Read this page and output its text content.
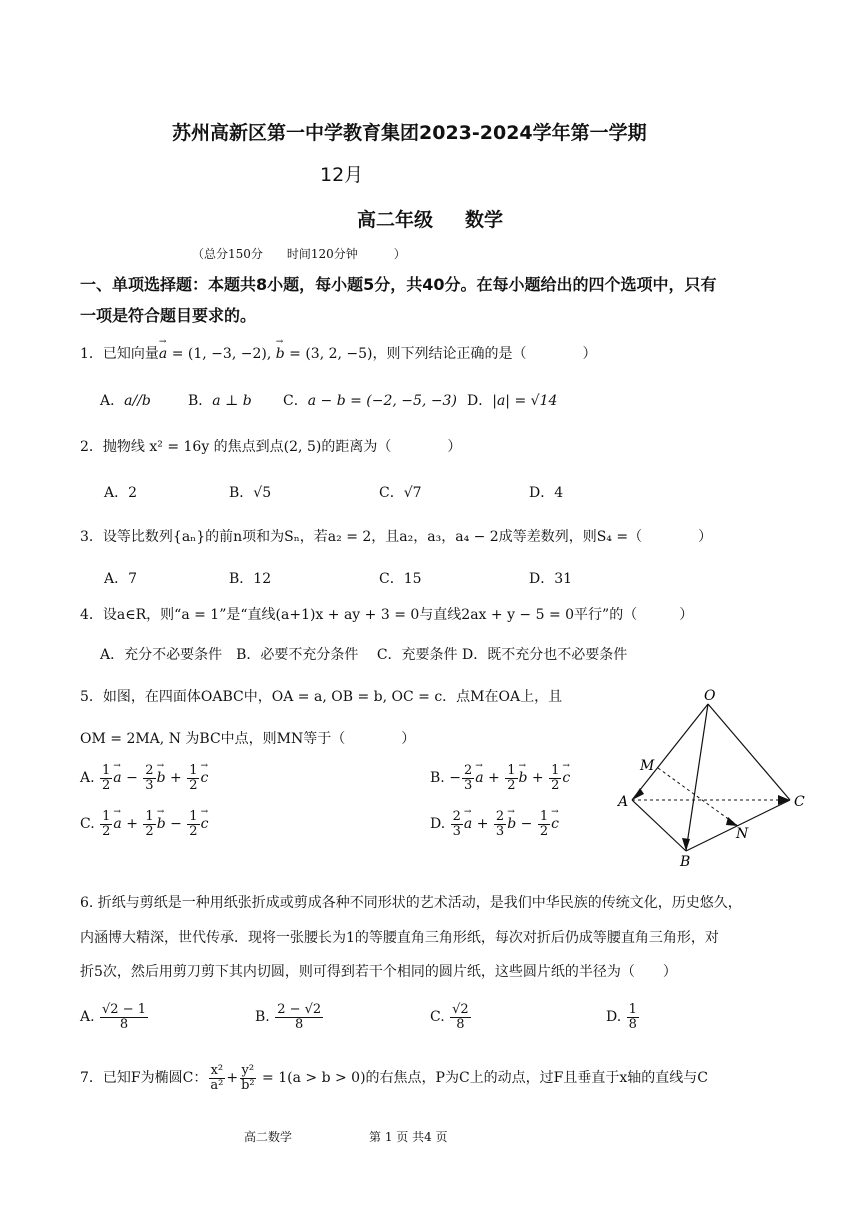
苏州高新区第一中学教育集团2023-2024学年第一学期
12月
高二年级 数学
（总分150分　　时间120分钟　　　）
一、单项选择题：本题共8小题，每小题5分，共40分。在每小题给出的四个选项中，只有
一项是符合题目要求的。
1．已知向量→ a = (1, −3, −2), → b = (3, 2, −5)，则下列结论正确的是（　　　　）
A．a//b	B．a ⊥ b C．a − b = (−2, −5, −3) D．|a| = √14
2．抛物线 x² = 16y 的焦点到点(2, 5)的距离为（　　　　）
A．2	B．√5	C．√7	D．4
3．设等比数列{aₙ}的前n项和为Sₙ，若a₂ = 2，且a₂，a₃，a₄ − 2成等差数列，则S₄ =（　　　　）
A．7	B．12	C．15	D．31
4．设a∈R，则“a = 1”是“直线(a+1)x + ay + 3 = 0与直线2ax + y − 5 = 0平行”的（　　　）
A．充分不必要条件　B．必要不充分条件　 C．充要条件 D．既不充分也不必要条件
5．如图，在四面体OABC中，OA = a, OB = b, OC = c．点M在OA上，且
OM = 2MA, N 为BC中点，则MN等于（　　　　）
A. $\frac{1}{2} \to a - \frac{2}{3} \to b + \frac{1}{2} \to c$	B. − $\frac{2}{3} \to a + \frac{1}{2} \to b + \frac{1}{2} \to c$
C. $\frac{1}{2} \to a + \frac{1}{2} \to b - \frac{1}{2} \to c$	D. $\frac{2}{3} \to a + \frac{2}{3} \to b - \frac{1}{2} \to c$
O
A
B
C
M
N
6. 折纸与剪纸是一种用纸张折成或剪成各种不同形状的艺术活动，是我们中华民族的传统文化，历史悠久，
内涵博大精深，世代传承．现将一张腰长为1的等腰直角三角形纸，每次对折后仍成等腰直角三角形，对
折5次，然后用剪刀剪下其内切圆，则可得到若干个相同的圆片纸，这些圆片纸的半径为（　　）
A. $\frac{√2 - 1}{8}$	B. $\frac{2 - √2}{8}$	C. $\frac{√2}{8}$	D. $\frac{1}{8}$
7．已知F为椭圆C： $\frac{\text{x²}}{\text{a²}} + \frac{\text{y²}}{\text{b²}} = 1(a > b > 0)$的右焦点，P为C上的动点，过F且垂直于x轴的直线与C
高二数学	第 1 页 共4 页
